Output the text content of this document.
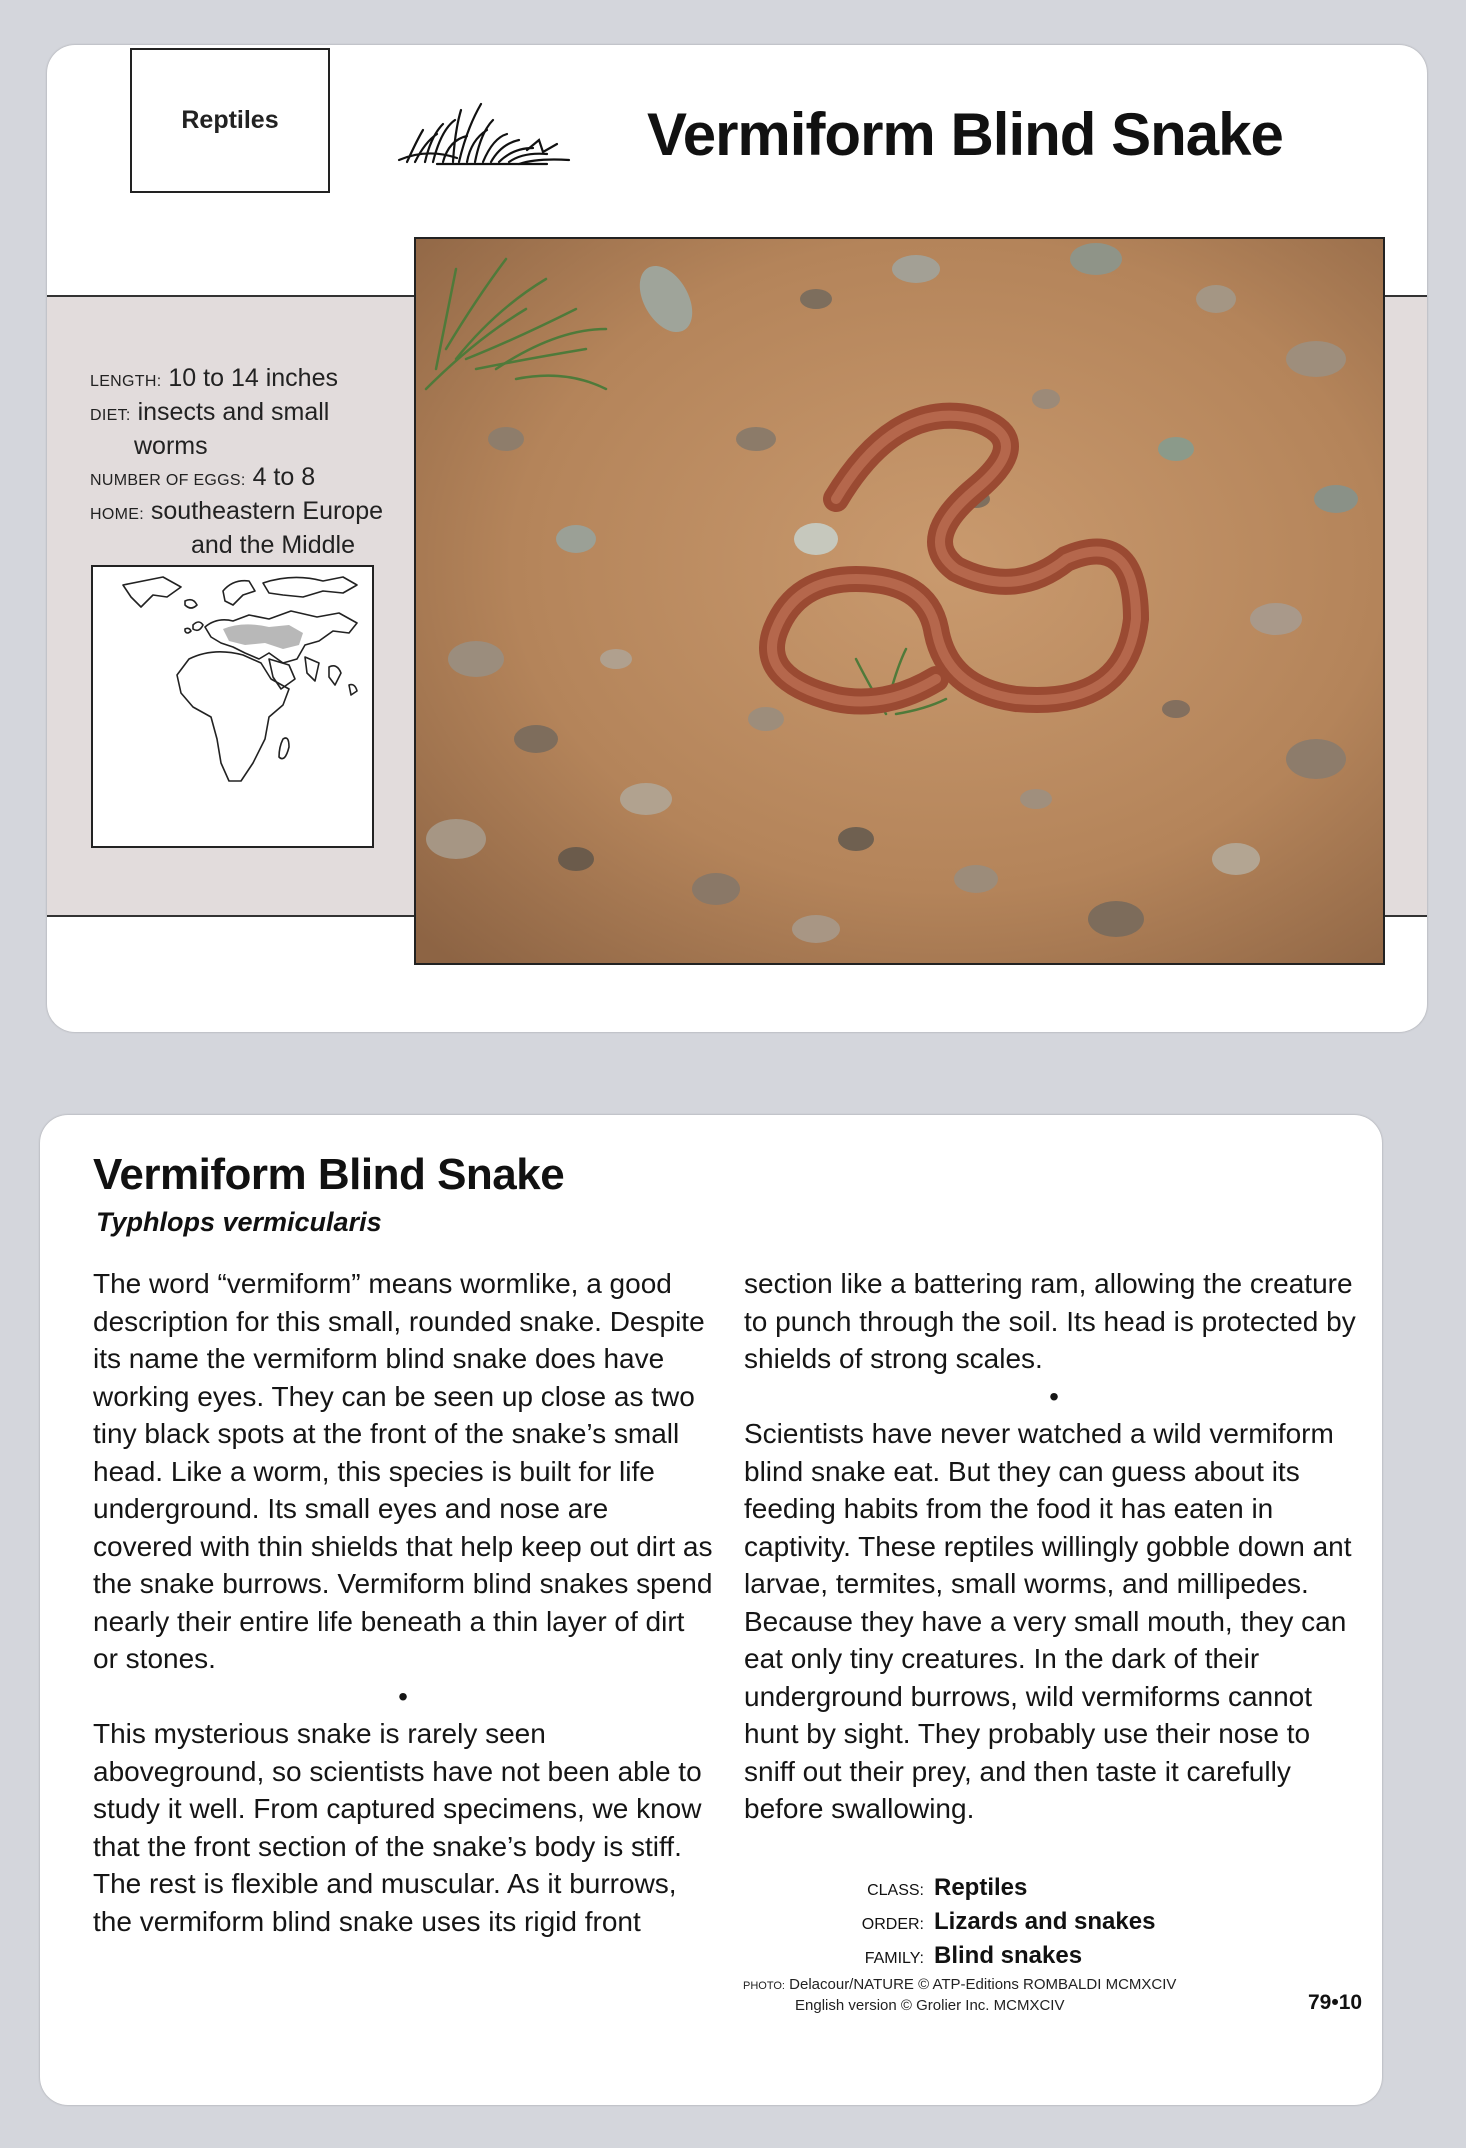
Reptiles	Vermiform Blind Snake
LENGTH: 10 to 14 inches
DIET: insects and small
worms
NUMBER OF EGGS: 4 to 8
HOME: southeastern Europe
and the Middle
Vermiform Blind Snake
Typhlops vermicularis

The word “vermiform” means wormlike, a good description for this small, rounded snake. Despite its name the vermiform blind snake does have working eyes. They can be seen up close as two tiny black spots at the front of the snake’s small head. Like a worm, this species is built for life underground. Its small eyes and nose are covered with thin shields that help keep out dirt as the snake burrows. Vermiform blind snakes spend nearly their entire life beneath a thin layer of dirt or stones.

•

This mysterious snake is rarely seen aboveground, so scientists have not been able to study it well. From captured specimens, we know that the front section of the snake’s body is stiff. The rest is flexible and muscular. As it burrows, the vermiform blind snake uses its rigid front

section like a battering ram, allowing the creature to punch through the soil. Its head is protected by shields of strong scales.

•

Scientists have never watched a wild vermiform blind snake eat. But they can guess about its feeding habits from the food it has eaten in captivity. These reptiles willingly gobble down ant larvae, termites, small worms, and millipedes. Because they have a very small mouth, they can eat only tiny creatures. In the dark of their underground burrows, wild vermiforms cannot hunt by sight. They probably use their nose to sniff out their prey, and then taste it carefully before swallowing.

CLASS: Reptiles
ORDER: Lizards and snakes
FAMILY: Blind snakes
PHOTO: Delacour/NATURE © ATP-Editions ROMBALDI MCMXCIV
English version © Grolier Inc. MCMXCIV	79•10
